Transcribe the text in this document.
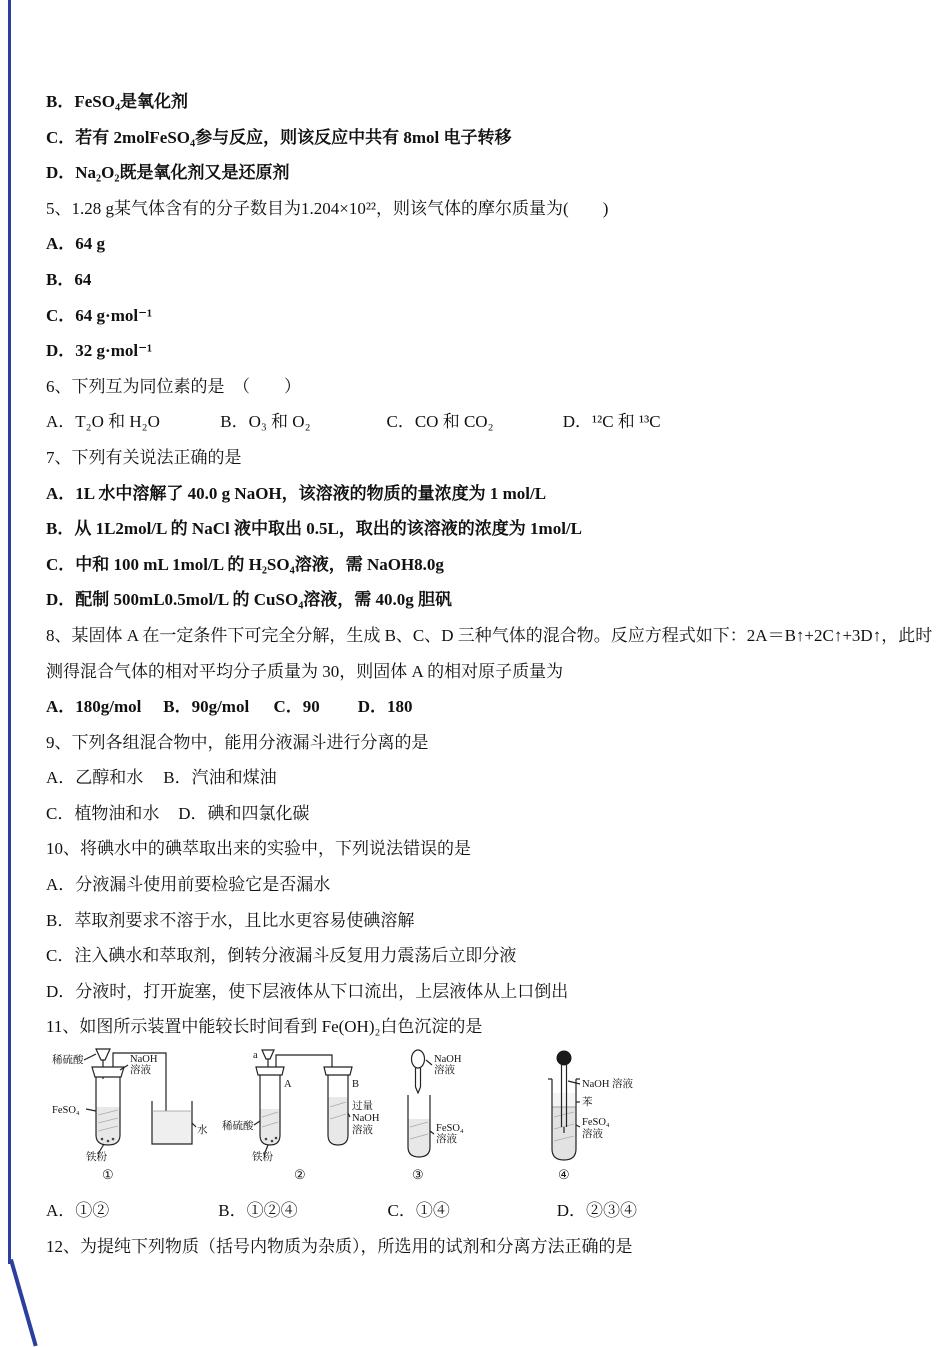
B．FeSO₄是氧化剂

C．若有 2molFeSO₄参与反应，则该反应中共有 8mol 电子转移

D．Na₂O₂既是氧化剂又是还原剂

5、1.28 g某气体含有的分子数目为1.204×10²²，则该气体的摩尔质量为(　　)

A．64 g

B．64

C．64 g·mol⁻¹

D．32 g·mol⁻¹

6、下列互为同位素的是　（　　）

A．T₂O 和 H₂O	B．O₃ 和 O₂	C．CO 和 CO₂	D．¹²C 和 ¹³C

7、下列有关说法正确的是

A．1L 水中溶解了 40.0 g NaOH，该溶液的物质的量浓度为 1 mol/L

B．从 1L2mol/L 的 NaCl 液中取出 0.5L，取出的该溶液的浓度为 1mol/L

C．中和 100 mL 1mol/L 的 H₂SO₄溶液，需 NaOH8.0g

D．配制 500mL0.5mol/L 的 CuSO₄溶液，需 40.0g 胆矾

8、某固体 A 在一定条件下可完全分解，生成 B、C、D 三种气体的混合物。反应方程式如下：2A＝B↑+2C↑+3D↑，此时

测得混合气体的相对平均分子质量为 30，则固体 A 的相对原子质量为

A．180g/mol B．90g/mol C．90 D．180

9、下列各组混合物中，能用分液漏斗进行分离的是

A．乙醇和水 B．汽油和煤油

C．植物油和水 D．碘和四氯化碳

10、将碘水中的碘萃取出来的实验中，下列说法错误的是

A．分液漏斗使用前要检验它是否漏水

B．萃取剂要求不溶于水，且比水更容易使碘溶解

C．注入碘水和萃取剂，倒转分液漏斗反复用力震荡后立即分液

D．分液时，打开旋塞，使下层液体从下口流出，上层液体从上口倒出

11、如图所示装置中能较长时间看到 Fe(OH)₂白色沉淀的是

稀硫酸	NaOH
溶液
FeSO₄
铁粉
水
①
a
稀硫酸
铁粉
A	B
过量
NaOH
溶液
②
NaOH
溶液
FeSO₄
溶液
③
NaOH 溶液
苯
FeSO₄
溶液
④

A．①②	B．①②④	C．①④	D．②③④

12、为提纯下列物质（括号内物质为杂质），所选用的试剂和分离方法正确的是
